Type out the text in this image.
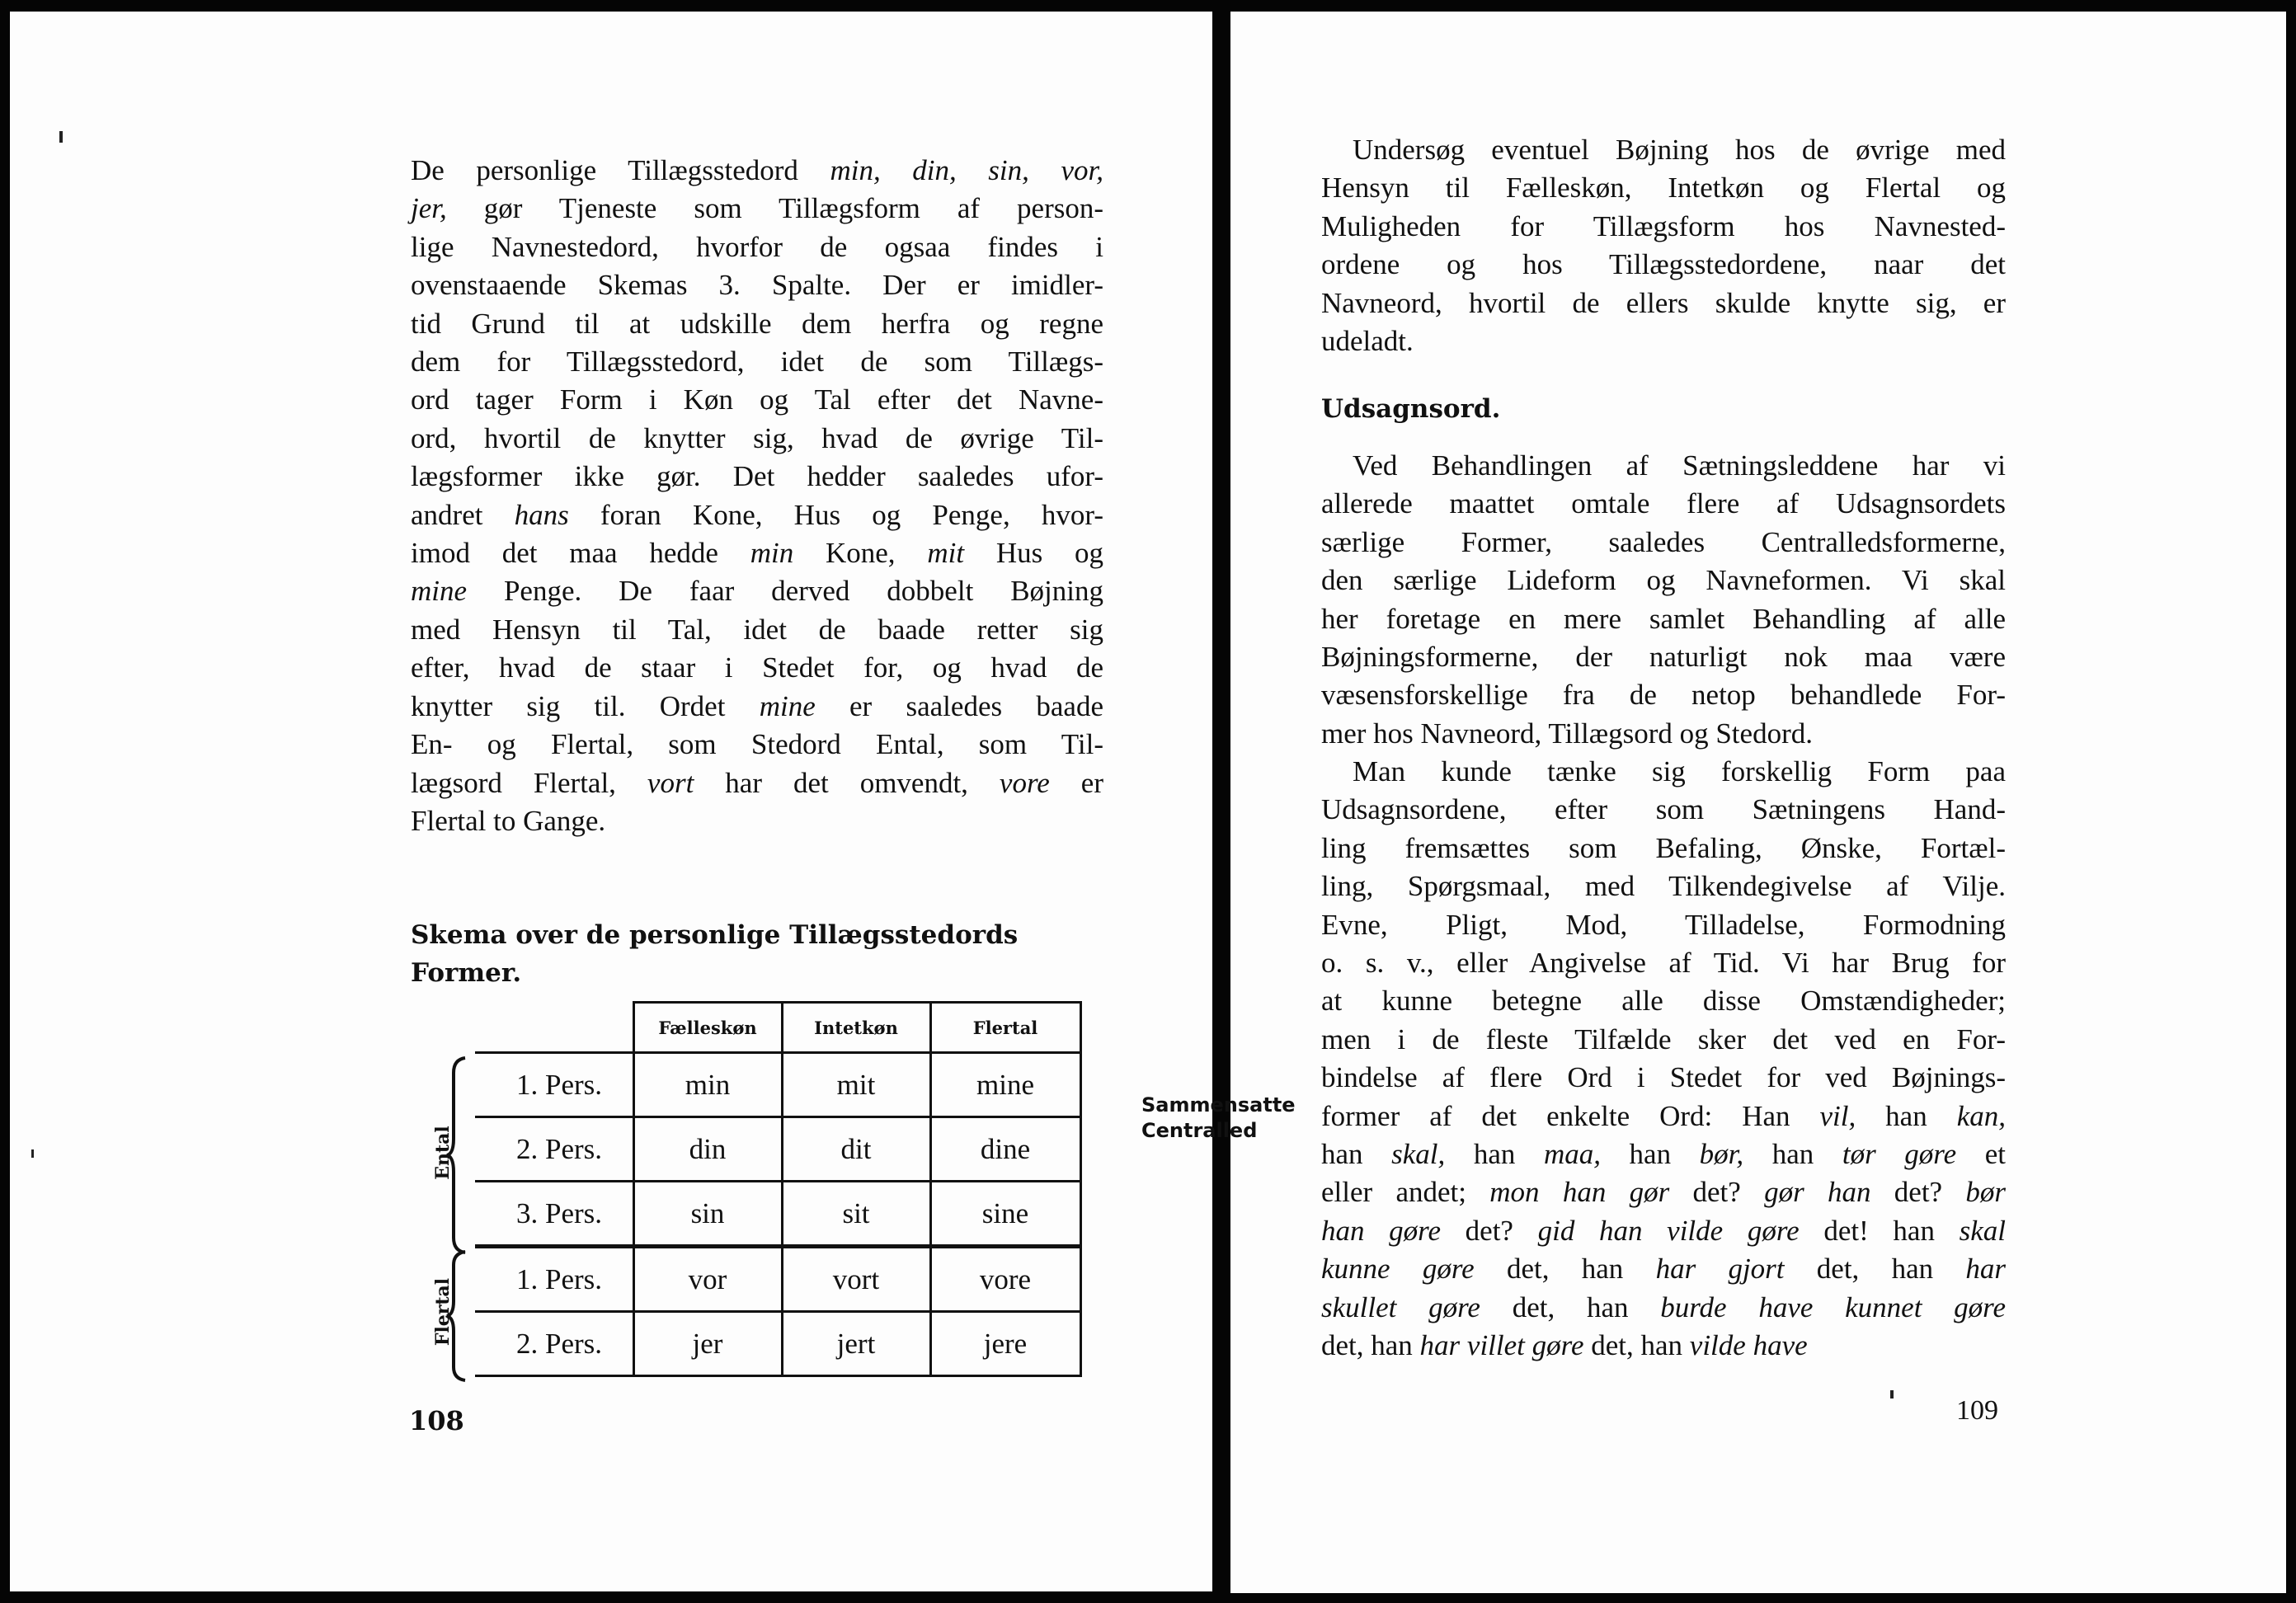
De personlige Tillægsstedord min, din, sin, vor,
jer, gør Tjeneste som Tillægsform af person-
lige Navnestedord, hvorfor de ogsaa findes i
ovenstaaende Skemas 3. Spalte. Der er imidler-
tid Grund til at udskille dem herfra og regne
dem for Tillægsstedord, idet de som Tillægs-
ord tager Form i Køn og Tal efter det Navne-
ord, hvortil de knytter sig, hvad de øvrige Til-
lægsformer ikke gør. Det hedder saaledes ufor-
andret hans foran Kone, Hus og Penge, hvor-
imod det maa hedde min Kone, mit Hus og
mine Penge. De faar derved dobbelt Bøjning
med Hensyn til Tal, idet de baade retter sig
efter, hvad de staar i Stedet for, og hvad de
knytter sig til. Ordet mine er saaledes baade
En- og Flertal, som Stedord Ental, som Til-
lægsord Flertal, vort har det omvendt, vore er
Flertal to Gange.
Skema over de personlige Tillægsstedords
Former.
		Fælleskøn	Intetkøn	Flertal

Ental	1. Pers.	min	mit	mine
	2. Pers.	din	dit	dine
	3. Pers.	sin	sit	sine

Flertal	1. Pers.	vor	vort	vore
	2. Pers.	jer	jert	jere
108
Undersøg eventuel Bøjning hos de øvrige med
Hensyn til Fælleskøn, Intetkøn og Flertal og
Muligheden for Tillægsform hos Navnested-
ordene og hos Tillægsstedordene, naar det
Navneord, hvortil de ellers skulde knytte sig, er
udeladt.
Udsagnsord.
Ved Behandlingen af Sætningsleddene har vi
allerede maattet omtale flere af Udsagnsordets
særlige Former, saaledes Centralledsformerne,
den særlige Lideform og Navneformen. Vi skal
her foretage en mere samlet Behandling af alle
Bøjningsformerne, der naturligt nok maa være
væsensforskellige fra de netop behandlede For-
mer hos Navneord, Tillægsord og Stedord.
Man kunde tænke sig forskellig Form paa
Udsagnsordene, efter som Sætningens Hand-
ling fremsættes som Befaling, Ønske, Fortæl-
ling, Spørgsmaal, med Tilkendegivelse af Vilje.
Evne, Pligt, Mod, Tilladelse, Formodning
o. s. v., eller Angivelse af Tid. Vi har Brug for
at kunne betegne alle disse Omstændigheder;
men i de fleste Tilfælde sker det ved en For-
bindelse af flere Ord i Stedet for ved Bøjnings-
former af det enkelte Ord: Han vil, han kan,
han skal, han maa, han bør, han tør gøre et
eller andet; mon han gør det? gør han det? bør
han gøre det? gid han vilde gøre det! han skal
kunne gøre det, han har gjort det, han har
skullet gøre det, han burde have kunnet gøre
det, han har villet gøre det, han vilde have
109
Sammensatte
Centralled
